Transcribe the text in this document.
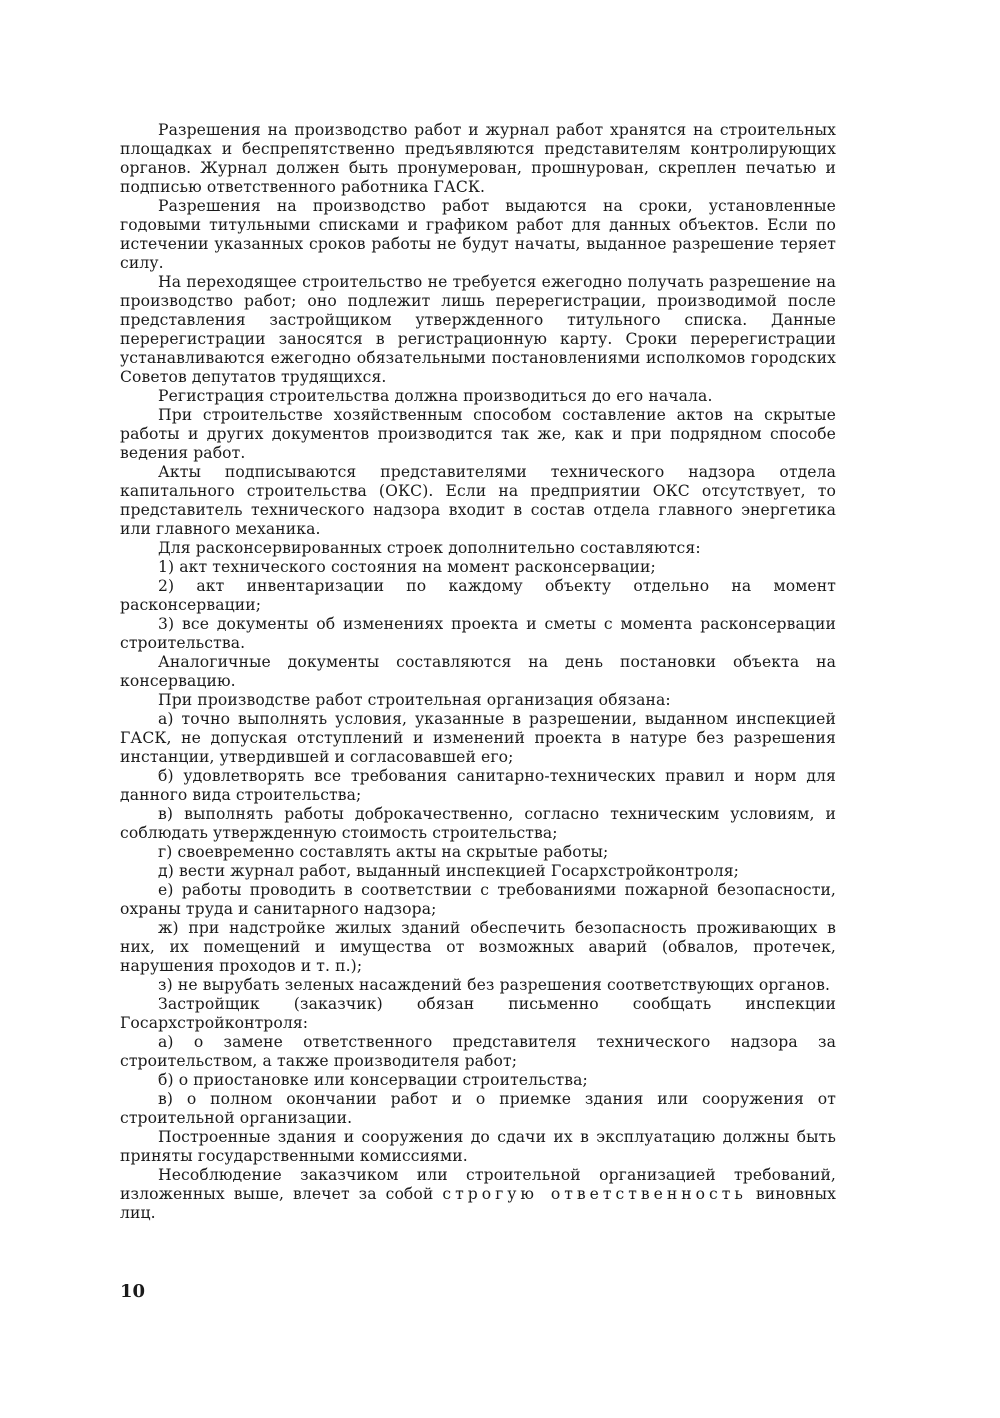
Разрешения на производство работ и журнал работ хранятся на строительных площадках и беспрепятственно предъявляются представителям контролирующих органов. Журнал должен быть пронумерован, прошнурован, скреплен печатью и подписью ответственного работника ГАСК.

Разрешения на производство работ выдаются на сроки, установленные годовыми титульными списками и графиком работ для данных объектов. Если по истечении указанных сроков работы не будут начаты, выданное разрешение теряет силу.

На переходящее строительство не требуется ежегодно получать разрешение на производство работ; оно подлежит лишь перерегистрации, производимой после представления застройщиком утвержденного титульного списка. Данные перерегистрации заносятся в регистрационную карту. Сроки перерегистрации устанавливаются ежегодно обязательными постановлениями исполкомов городских Советов депутатов трудящихся.

Регистрация строительства должна производиться до его начала.

При строительстве хозяйственным способом составление актов на скрытые работы и других документов производится так же, как и при подрядном способе ведения работ.

Акты подписываются представителями технического надзора отдела капитального строительства (ОКС). Если на предприятии ОКС отсутствует, то представитель технического надзора входит в состав отдела главного энергетика или главного механика.

Для расконсервированных строек дополнительно составляются:

1) акт технического состояния на момент расконсервации;

2) акт инвентаризации по каждому объекту отдельно на момент расконсервации;

3) все документы об изменениях проекта и сметы с момента расконсервации строительства.

Аналогичные документы составляются на день постановки объекта на консервацию.

При производстве работ строительная организация обязана:

а) точно выполнять условия, указанные в разрешении, выданном инспекцией ГАСК, не допуская отступлений и изменений проекта в натуре без разрешения инстанции, утвердившей и согласовавшей его;

б) удовлетворять все требования санитарно-технических правил и норм для данного вида строительства;

в) выполнять работы доброкачественно, согласно техническим условиям, и соблюдать утвержденную стоимость строительства;

г) своевременно составлять акты на скрытые работы;

д) вести журнал работ, выданный инспекцией Госархстройконтроля;

е) работы проводить в соответствии с требованиями пожарной безопасности, охраны труда и санитарного надзора;

ж) при надстройке жилых зданий обеспечить безопасность проживающих в них, их помещений и имущества от возможных аварий (обвалов, протечек, нарушения проходов и т. п.);

з) не вырубать зеленых насаждений без разрешения соответствующих органов.

Застройщик (заказчик) обязан письменно сообщать инспекции Госархстройконтроля:

а) о замене ответственного представителя технического надзора за строительством, а также производителя работ;

б) о приостановке или консервации строительства;

в) о полном окончании работ и о приемке здания или сооружения от строительной организации.

Построенные здания и сооружения до сдачи их в эксплуатацию должны быть приняты государственными комиссиями.

Несоблюдение заказчиком или строительной организацией требований, изложенных выше, влечет за собой строгую ответственность виновных лиц.

10
